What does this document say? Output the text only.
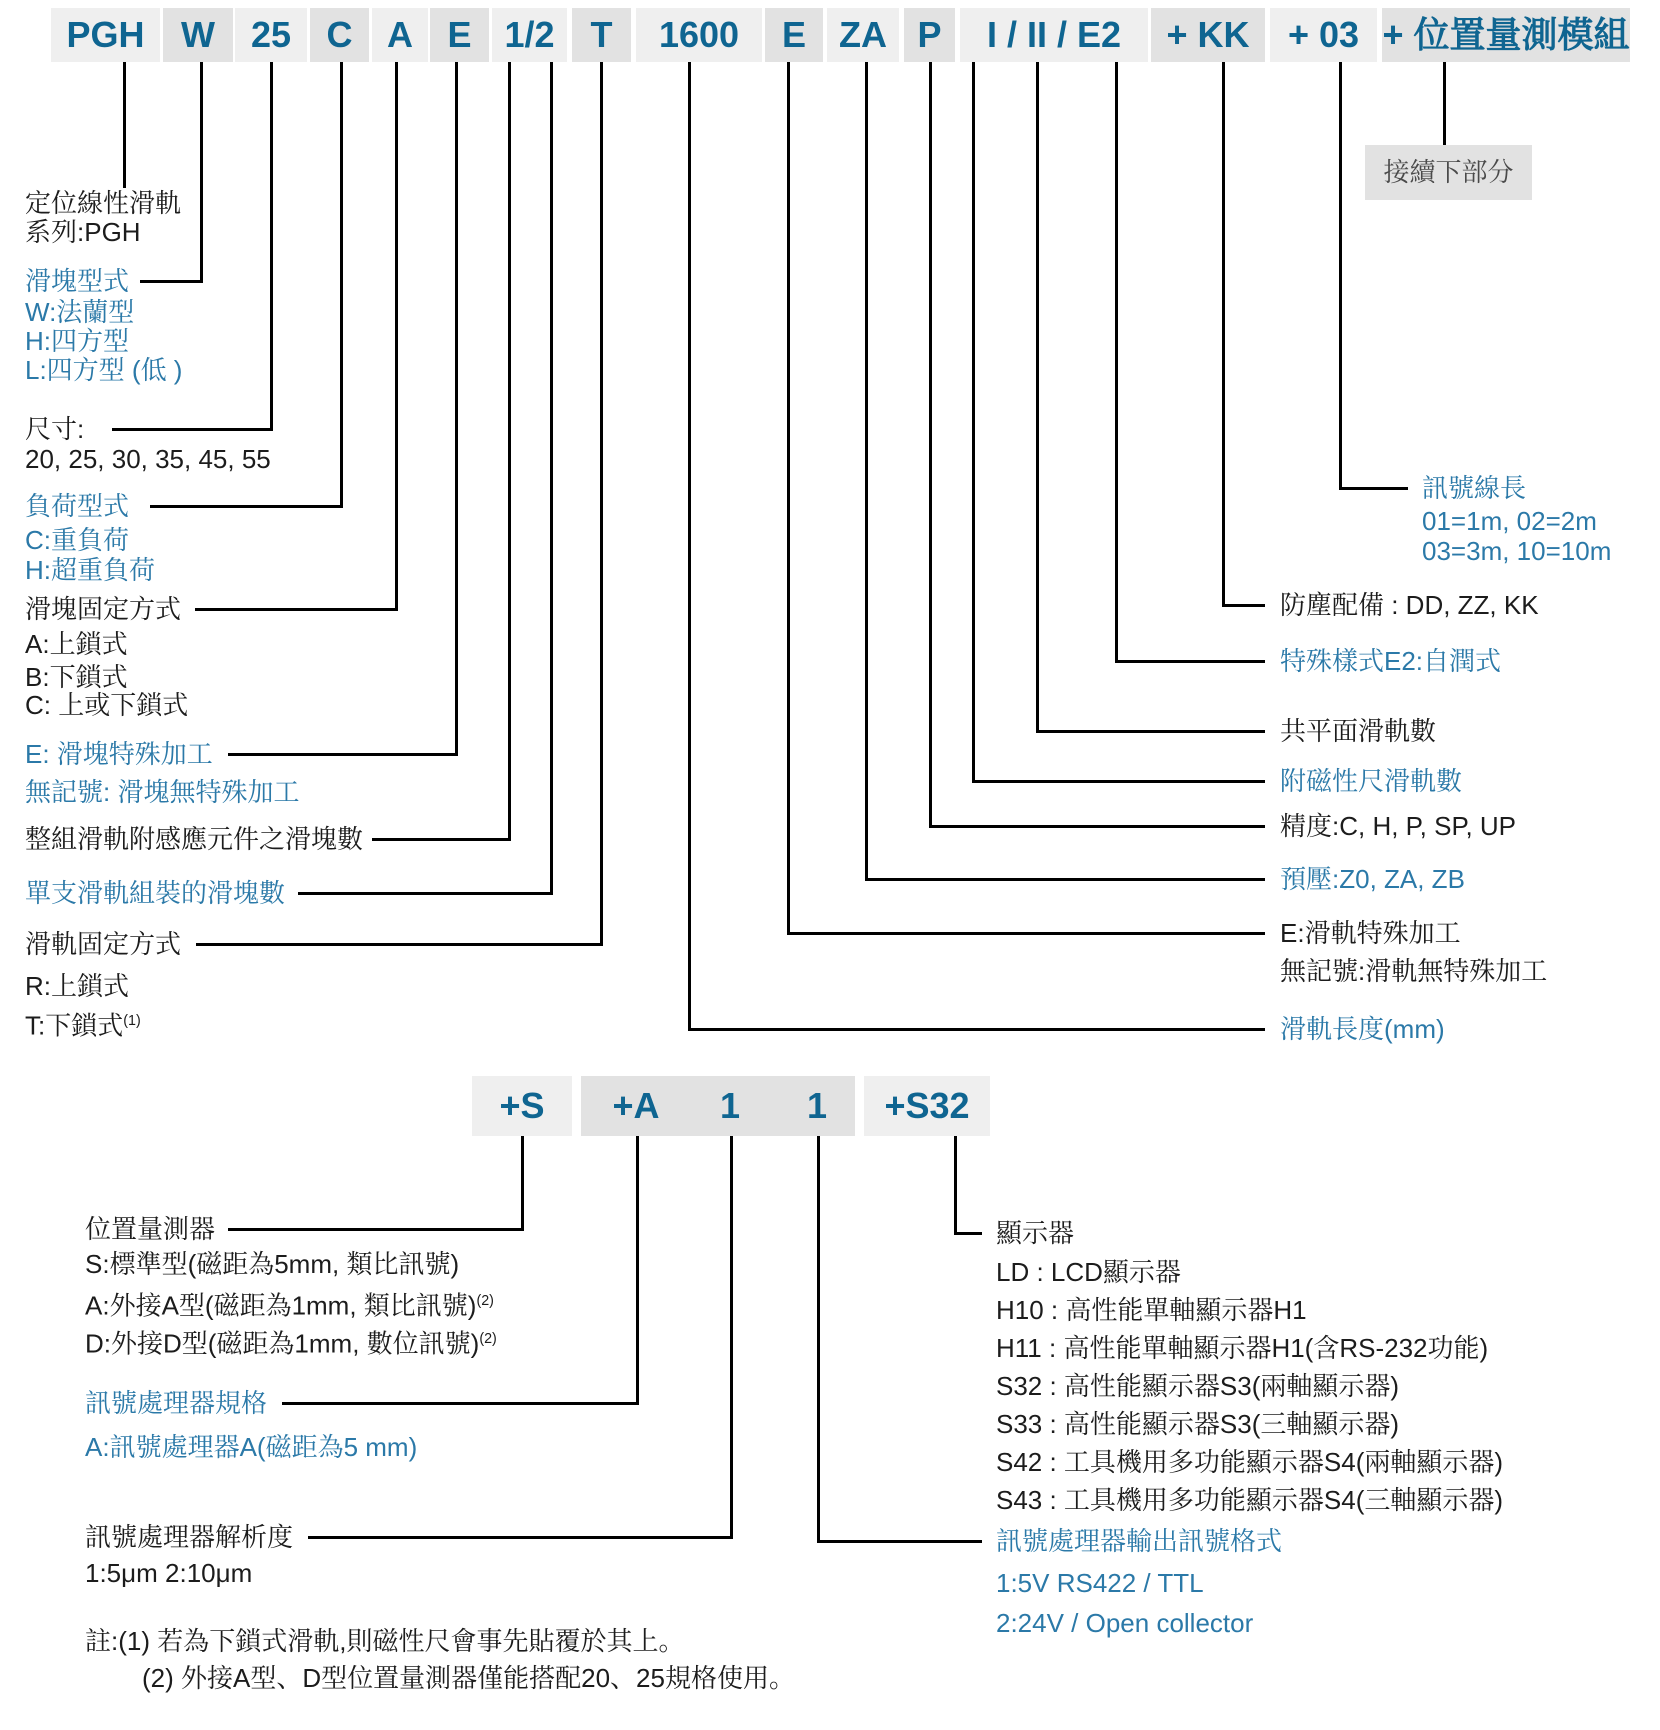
PGH	W 25 C A E 1/2 T	1600	E ZA P	I / II / E2	+ KK	+ 03 + 位置量測模組
+S	+A	1	1	+S32
接續下部分
定位線性滑軌
系列:PGH
滑塊型式
W:法蘭型
H:四方型
L:四方型 (低 )
尺寸:
20, 25, 30, 35, 45, 55
負荷型式
C:重負荷
H:超重負荷
滑塊固定方式
A:上鎖式
B:下鎖式
C: 上或下鎖式
E: 滑塊特殊加工
無記號: 滑塊無特殊加工
整組滑軌附感應元件之滑塊數
單支滑軌組裝的滑塊數
滑軌固定方式
R:上鎖式
T:下鎖式$^{(1)}$
訊號線長
01=1m, 02=2m
03=3m, 10=10m
防塵配備 : DD, ZZ, KK
特殊樣式E2:自潤式
共平面滑軌數
附磁性尺滑軌數
精度:C, H, P, SP, UP
預壓:Z0, ZA, ZB
E:滑軌特殊加工
無記號:滑軌無特殊加工
滑軌長度(mm)
位置量測器
S:標準型(磁距為5mm, 類比訊號)
A:外接A型(磁距為1mm, 類比訊號)$^{(2)}$
D:外接D型(磁距為1mm, 數位訊號)$^{(2)}$
訊號處理器規格
A:訊號處理器A(磁距為5 mm)
訊號處理器解析度
1:5μm 2:10μm
註:(1) 若為下鎖式滑軌,則磁性尺會事先貼覆於其上。
(2) 外接A型、D型位置量測器僅能搭配20、25規格使用。
顯示器
LD : LCD顯示器
H10 : 高性能單軸顯示器H1
H11 : 高性能單軸顯示器H1(含RS-232功能)
S32 : 高性能顯示器S3(兩軸顯示器)
S33 : 高性能顯示器S3(三軸顯示器)
S42 : 工具機用多功能顯示器S4(兩軸顯示器)
S43 : 工具機用多功能顯示器S4(三軸顯示器)
訊號處理器輸出訊號格式
1:5V RS422 / TTL
2:24V / Open collector
